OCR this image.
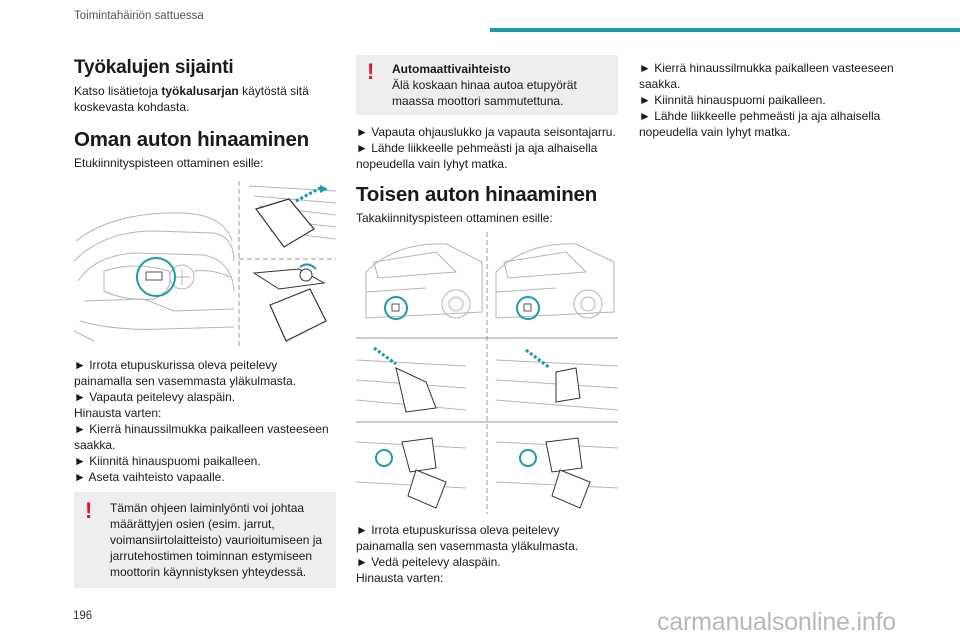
Toimintahäiriön sattuessa
Työkalujen sijainti
Katso lisätietoja työkalusarjan käytöstä sitä koskevasta kohdasta.
Oman auton hinaaminen
Etukiinnityspisteen ottaminen esille:
► Irrota etupuskurissa oleva peitelevy painamalla sen vasemmasta yläkulmasta.
► Vapauta peitelevy alaspäin.
Hinausta varten:
► Kierrä hinaussilmukka paikalleen vasteeseen saakka.
► Kiinnitä hinauspuomi paikalleen.
► Aseta vaihteisto vapaalle.
!	Tämän ohjeen laiminlyönti voi johtaa määrättyjen osien (esim. jarrut, voimansiirtolaitteisto) vaurioitumiseen ja jarrutehostimen toiminnan estymiseen moottorin käynnistyksen yhteydessä.
!	Automaattivaihteisto
Älä koskaan hinaa autoa etupyörät maassa moottori sammutettuna.
► Vapauta ohjauslukko ja vapauta seisontajarru.
► Lähde liikkeelle pehmeästi ja aja alhaisella nopeudella vain lyhyt matka.
Toisen auton hinaaminen
Takakiinnityspisteen ottaminen esille:
► Irrota etupuskurissa oleva peitelevy painamalla sen vasemmasta yläkulmasta.
► Vedä peitelevy alaspäin.
Hinausta varten:
► Kierrä hinaussilmukka paikalleen vasteeseen saakka.
► Kiinnitä hinauspuomi paikalleen.
► Lähde liikkeelle pehmeästi ja aja alhaisella nopeudella vain lyhyt matka.
196	carmanualsonline.info
